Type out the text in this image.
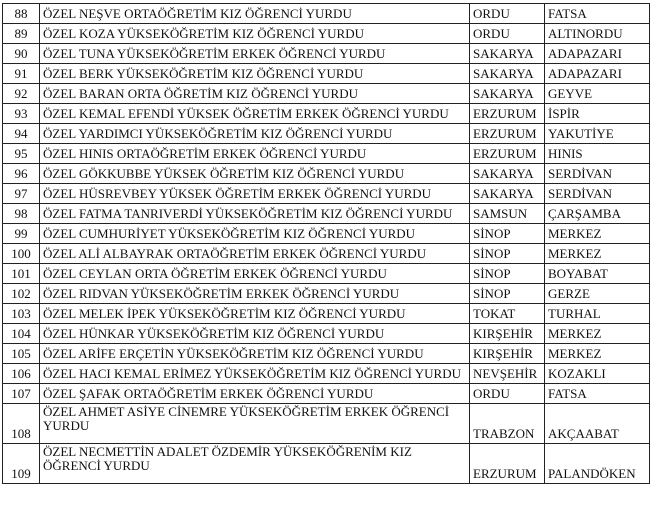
88	ÖZEL NEŞVE ORTAÖĞRETİM KIZ ÖĞRENCİ YURDU	ORDU	FATSA
89	ÖZEL KOZA YÜKSEKÖĞRETİM KIZ ÖĞRENCİ YURDU	ORDU	ALTINORDU
90	ÖZEL TUNA YÜKSEKÖĞRETİM ERKEK ÖĞRENCİ YURDU	SAKARYA	ADAPAZARI
91	ÖZEL BERK YÜKSEKÖĞRETİM KIZ ÖĞRENCİ YURDU	SAKARYA	ADAPAZARI
92	ÖZEL BARAN ORTA ÖĞRETİM KIZ ÖĞRENCİ YURDU	SAKARYA	GEYVE
93	ÖZEL KEMAL EFENDİ YÜKSEK ÖĞRETİM ERKEK ÖĞRENCİ YURDU	ERZURUM	İSPİR
94	ÖZEL YARDIMCI YÜKSEKÖĞRETİM KIZ ÖĞRENCİ YURDU	ERZURUM	YAKUTİYE
95	ÖZEL HINIS ORTAÖĞRETİM ERKEK ÖĞRENCİ YURDU	ERZURUM	HINIS
96	ÖZEL GÖKKUBBE YÜKSEK ÖĞRETİM KIZ ÖĞRENCİ YURDU	SAKARYA	SERDİVAN
97	ÖZEL HÜSREVBEY YÜKSEK ÖĞRETİM ERKEK ÖĞRENCİ YURDU	SAKARYA	SERDİVAN
98	ÖZEL FATMA TANRIVERDİ YÜKSEKÖĞRETİM KIZ ÖĞRENCİ YURDU	SAMSUN	ÇARŞAMBA
99	ÖZEL CUMHURİYET YÜKSEKÖĞRETİM KIZ ÖĞRENCİ YURDU	SİNOP	MERKEZ
100	ÖZEL ALİ ALBAYRAK ORTAÖĞRETİM ERKEK ÖĞRENCİ YURDU	SİNOP	MERKEZ
101	ÖZEL CEYLAN ORTA ÖĞRETİM ERKEK ÖĞRENCİ YURDU	SİNOP	BOYABAT
102	ÖZEL RIDVAN YÜKSEKÖĞRETİM ERKEK ÖĞRENCİ YURDU	SİNOP	GERZE
103	ÖZEL MELEK İPEK YÜKSEKÖĞRETİM KIZ ÖĞRENCİ YURDU	TOKAT	TURHAL
104	ÖZEL HÜNKAR YÜKSEKÖĞRETİM KIZ ÖĞRENCİ YURDU	KIRŞEHİR	MERKEZ
105	ÖZEL ARİFE ERÇETİN YÜKSEKÖĞRETİM KIZ ÖĞRENCİ YURDU	KIRŞEHİR	MERKEZ
106	ÖZEL HACI KEMAL ERİMEZ YÜKSEKÖĞRETİM KIZ ÖĞRENCİ YURDU	NEVŞEHİR	KOZAKLI
107	ÖZEL ŞAFAK ORTAÖĞRETİM ERKEK ÖĞRENCİ YURDU	ORDU	FATSA
108	ÖZEL AHMET ASİYE CİNEMRE YÜKSEKÖĞRETİM ERKEK ÖĞRENCİ YURDU	TRABZON	AKÇAABAT
109	ÖZEL NECMETTİN ADALET ÖZDEMİR YÜKSEKÖĞRENİM KIZ ÖĞRENCİ YURDU	ERZURUM	PALANDÖKEN
